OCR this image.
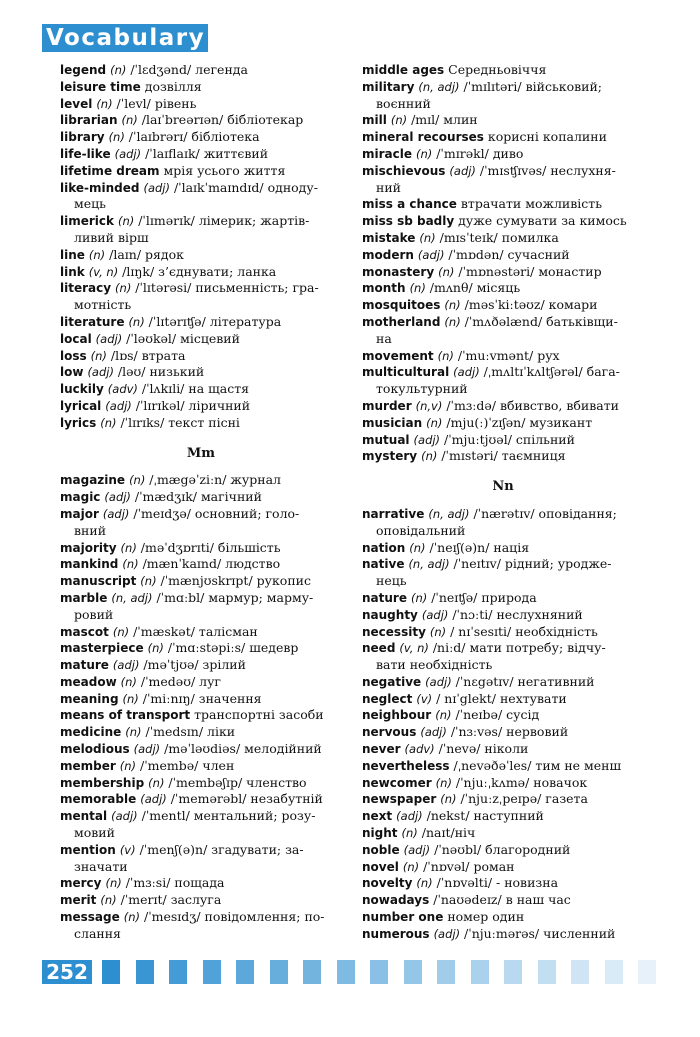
Vocabulary
legend (n) /ˈlɛdʒənd/ легенда
leisure time дозвілля
level (n) /ˈlevl/ рівень
librarian (n) /laɪˈbreərɪən/ бібліотекар
library (n) /ˈlaɪbrərɪ/ бібліотека
life-like (adj) /ˈlaɪflaɪk/ життєвий
lifetime dream мрія усього життя
like-minded (adj) /ˈlaɪkˈmaɪndɪd/ одноду-
мець
limerick (n) /ˈlɪmərɪk/ лімерик; жартів-
ливий вірш
line (n) /laɪn/ рядок
link (v, n) /lɪŋk/ з’єднувати; ланка
literacy (n) /ˈlɪtərəsi/ письменність; гра-
мотність
literature (n) /ˈlɪtərɪʧə/ література
local (adj) /ˈləʊkəl/ місцевий
loss (n) /lɒs/ втрата
low (adj) /ləʊ/ низький
luckily (adv) /ˈlʌkɪli/ на щастя
lyrical (adj) /ˈlɪrɪkəl/ ліричний
lyrics (n) /ˈlɪrɪks/ текст пісні
Mm
magazine (n) /ˌmægəˈziːn/ журнал
magic (adj) /ˈmædʒɪk/ магічний
major (adj) /ˈmeɪdʒə/ основний; голо-
вний
majority (n) /məˈdʒɒrɪti/ більшість
mankind (n) /mænˈkaɪnd/ людство
manuscript (n) /ˈmænjʊskrɪpt/ рукопис
marble (n, adj) /ˈmɑːbl/ мармур; марму-
ровий
mascot (n) /ˈmæskət/ талісман
masterpiece (n) /ˈmɑːstəpiːs/ шедевр
mature (adj) /məˈtjʊə/ зрілий
meadow (n) /ˈmedəʊ/ луг
meaning (n) /ˈmiːnɪŋ/ значення
means of transport транспортні засоби
medicine (n) /ˈmedsɪn/ ліки
melodious (adj) /məˈləʊdiəs/ мелодійний
member (n) /ˈmembə/ член
membership (n) /ˈmembəʃɪp/ членство
memorable (adj) /ˈmemərəbl/ незабутній
mental (adj) /ˈmentl/ ментальний; розу-
мовий
mention (v) /ˈmenʃ(ə)n/ згадувати; за-
значати
mercy (n) /ˈmɜːsi/ пощада
merit (n) /ˈmerɪt/ заслуга
message (n) /ˈmesɪdʒ/ повідомлення; по-
слання
middle ages Середньовіччя
military (n, adj) /ˈmɪlɪtəri/ військовий;
воєнний
mill (n) /mɪl/ млин
mineral recourses корисні копалини
miracle (n) /ˈmɪrəkl/ диво
mischievous (adj) /ˈmɪsʧɪvəs/ неслухня-
ний
miss a chance втрачати можливість
miss sb badly дуже сумувати за кимось
mistake (n) /mɪsˈteɪk/ помилка
modern (adj) /ˈmɒdən/ сучасний
monastery (n) /ˈmɒnəstəri/ монастир
month (n) /mʌnθ/ місяць
mosquitoes (n) /məsˈkiːtəʊz/ комари
motherland (n) /ˈmʌðəlænd/ батьківщи-
на
movement (n) /ˈmuːvmənt/ рух
multicultural (adj) /ˌmʌltɪˈkʌltʃərəl/ бага-
токультурний
murder (n,v) /ˈmɜːdə/ вбивство, вбивати
musician (n) /mju(ː)ˈzɪʃən/ музикант
mutual (adj) /ˈmjuːtjʊəl/ спільний
mystery (n) /ˈmɪstəri/ таємниця
Nn
narrative (n, adj) /ˈnærətɪv/ оповідання;
оповідальний
nation (n) /ˈneɪʃ(ə)n/ нація
native (n, adj) /ˈneɪtɪv/ рідний; уродже-
нець
nature (n) /ˈneɪʧə/ природа
naughty (adj) /ˈnɔːti/ неслухняний
necessity (n) / nɪˈsesɪti/ необхідність
need (v, n) /niːd/ мати потребу; відчу-
вати необхідність
negative (adj) /ˈnɛgətɪv/ негативний
neglect (v) / nɪˈglekt/ нехтувати
neighbour (n) /ˈneɪbə/ сусід
nervous (adj) /ˈnɜːvəs/ нервовий
never (adv) /ˈnevə/ ніколи
nevertheless /ˌnevəðəˈles/ тим не менш
newcomer (n) /ˈnjuːˌkʌmə/ новачок
newspaper (n) /ˈnjuːzˌpeɪpə/ газета
next (adj) /nekst/ наступний
night (n) /naɪt/ніч
noble (adj) /ˈnəʊbl/ благородний
novel (n) /ˈnɒvəl/ роман
novelty (n) /ˈnɒvəlti/ - новизна
nowadays /ˈnaʊədeɪz/ в наш час
number one номер один
numerous (adj) /ˈnjuːmərəs/ численний
252
